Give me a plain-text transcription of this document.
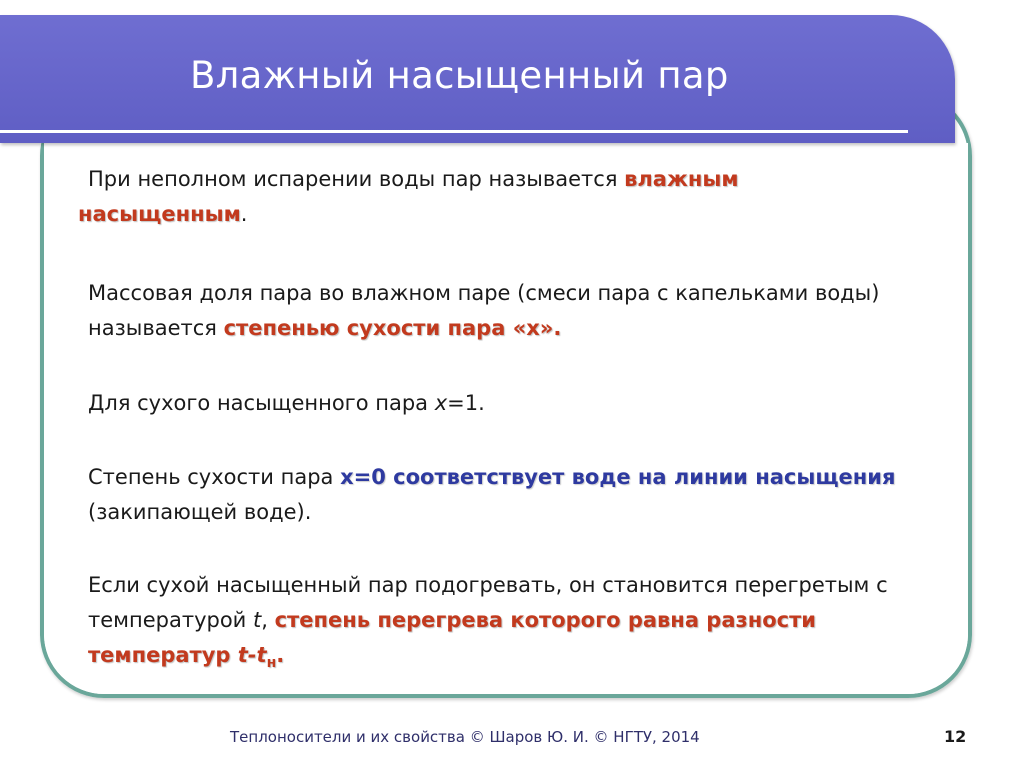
Влажный насыщенный пар

При неполном испарении воды пар называется влажным
насыщенным.

Массовая доля пара во влажном паре (смеси пара с капельками воды) называется степенью сухости пара «х».

Для сухого насыщенного пара х=1.

Степень сухости пара х=0 соответствует воде на линии насыщения (закипающей воде).

Если сухой насыщенный пар подогревать, он становится перегретым с температурой t, степень перегрева которого равна разности температур $t-t_н$.

Теплоносители и их свойства © Шаров Ю. И. © НГТУ, 2014	12
